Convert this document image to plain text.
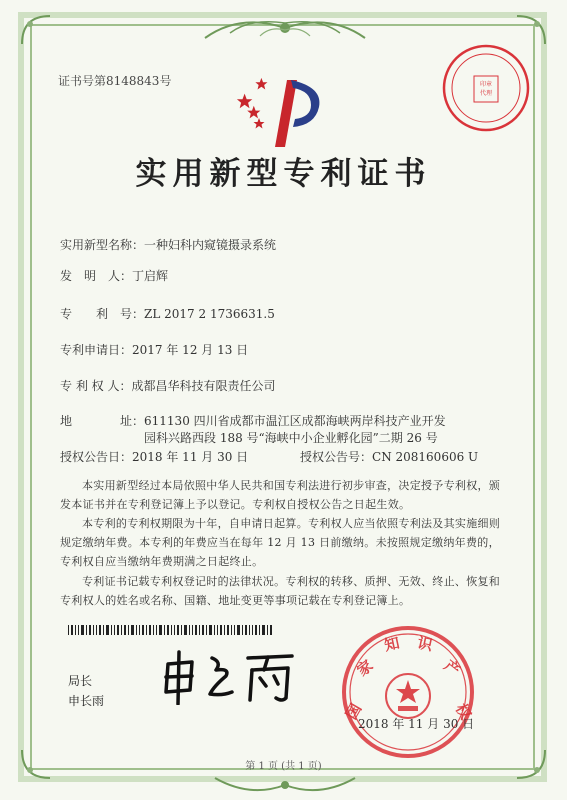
证书号第8148843号	印章
代理
实用新型专利证书
实用新型名称：一种妇科内窥镜摄录系统
发　明　人：丁启辉
专　　利　号：ZL 2017 2 1736631.5
专利申请日：2017 年 12 月 13 日
专 利 权 人：成都昌华科技有限责任公司
地　　　　址：611130 四川省成都市温江区成都海峡两岸科技产业开发
园科兴路西段 188 号“海峡中小企业孵化园”二期 26 号
授权公告日：2018 年 11 月 30 日	授权公告号：CN 208160606 U
本实用新型经过本局依照中华人民共和国专利法进行初步审查，决定授予专利权，颁发本证书并在专利登记簿上予以登记。专利权自授权公告之日起生效。
本专利的专利权期限为十年，自申请日起算。专利权人应当依照专利法及其实施细则规定缴纳年费。本专利的年费应当在每年 12 月 13 日前缴纳。未按照规定缴纳年费的，专利权自应当缴纳年费期满之日起终止。
专利证书记载专利权登记时的法律状况。专利权的转移、质押、无效、终止、恢复和专利权人的姓名或名称、国籍、地址变更等事项记载在专利登记簿上。
局长
申长雨	国
家
知 识
产
权
2018 年 11 月 30 日
第 1 页 (共 1 页)
